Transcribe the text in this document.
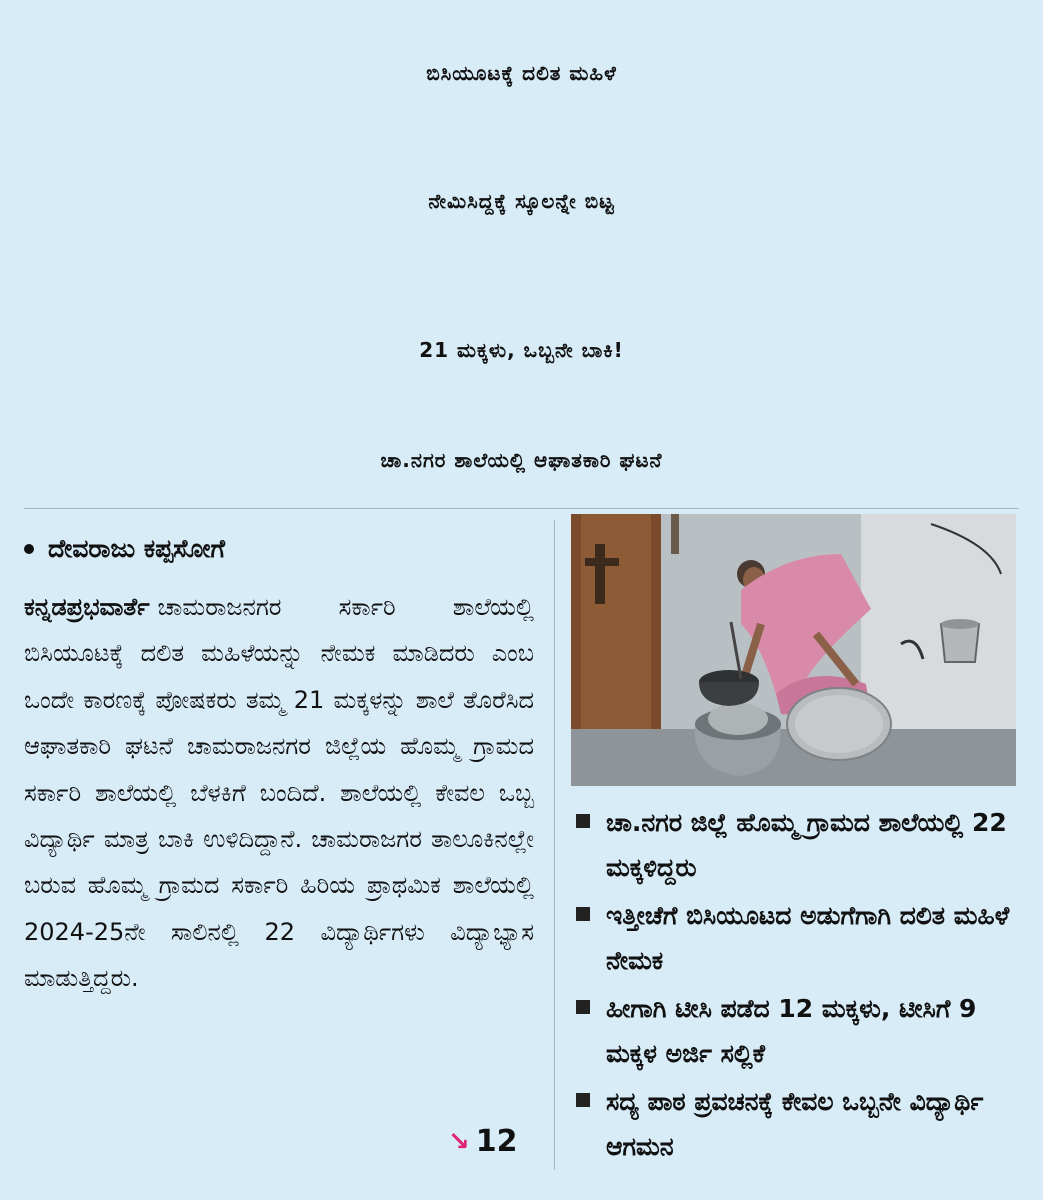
ಬಿಸಿಯೂಟಕ್ಕೆ ದಲಿತ ಮಹಿಳೆ
ನೇಮಿಸಿದ್ದಕ್ಕೆ ಸ್ಕೂಲನ್ನೇ ಬಿಟ್ಟ
21 ಮಕ್ಕಳು, ಒಬ್ಬನೇ ಬಾಕಿ!
ಚಾ.ನಗರ ಶಾಲೆಯಲ್ಲಿ ಆಘಾತಕಾರಿ ಘಟನೆ
ದೇವರಾಜು ಕಪ್ಪಸೋಗೆ

ಕನ್ನಡಪ್ರಭವಾರ್ತೆ ಚಾಮರಾಜನಗರ ಸರ್ಕಾರಿ ಶಾಲೆಯಲ್ಲಿ ಬಿಸಿಯೂಟಕ್ಕೆ ದಲಿತ ಮಹಿಳೆಯನ್ನು ನೇಮಕ ಮಾಡಿದರು ಎಂಬ ಒಂದೇ ಕಾರಣಕ್ಕೆ ಪೋಷಕರು ತಮ್ಮ 21 ಮಕ್ಕಳನ್ನು ಶಾಲೆ ತೊರೆಸಿದ ಆಘಾತಕಾರಿ ಘಟನೆ ಚಾಮರಾಜನಗರ ಜಿಲ್ಲೆಯ ಹೊಮ್ಮ ಗ್ರಾಮದ ಸರ್ಕಾರಿ ಶಾಲೆಯಲ್ಲಿ ಬೆಳಕಿಗೆ ಬಂದಿದೆ. ಶಾಲೆಯಲ್ಲಿ ಕೇವಲ ಒಬ್ಬ ವಿದ್ಯಾರ್ಥಿ ಮಾತ್ರ ಬಾಕಿ ಉಳಿದಿದ್ದಾನೆ. ಚಾಮರಾಜಗರ ತಾಲೂಕಿನಲ್ಲೇ ಬರುವ ಹೊಮ್ಮ ಗ್ರಾಮದ ಸರ್ಕಾರಿ ಹಿರಿಯ ಪ್ರಾಥಮಿಕ ಶಾಲೆಯಲ್ಲಿ 2024-25ನೇ ಸಾಲಿನಲ್ಲಿ 22 ವಿದ್ಯಾರ್ಥಿಗಳು ವಿದ್ಯಾಭ್ಯಾಸ ಮಾಡುತ್ತಿದ್ದರು.

↘ 12
ಚಾ.ನಗರ ಜಿಲ್ಲೆ ಹೊಮ್ಮ ಗ್ರಾಮದ ಶಾಲೆಯಲ್ಲಿ 22 ಮಕ್ಕಳಿದ್ದರು
ಇತ್ತೀಚೆಗೆ ಬಿಸಿಯೂಟದ ಅಡುಗೆಗಾಗಿ ದಲಿತ ಮಹಿಳೆ ನೇಮಕ
ಹೀಗಾಗಿ ಟೀಸಿ ಪಡೆದ 12 ಮಕ್ಕಳು, ಟೀಸಿಗೆ 9 ಮಕ್ಕಳ ಅರ್ಜಿ ಸಲ್ಲಿಕೆ
ಸದ್ಯ ಪಾಠ ಪ್ರವಚನಕ್ಕೆ ಕೇವಲ ಒಬ್ಬನೇ ವಿದ್ಯಾರ್ಥಿ ಆಗಮನ
